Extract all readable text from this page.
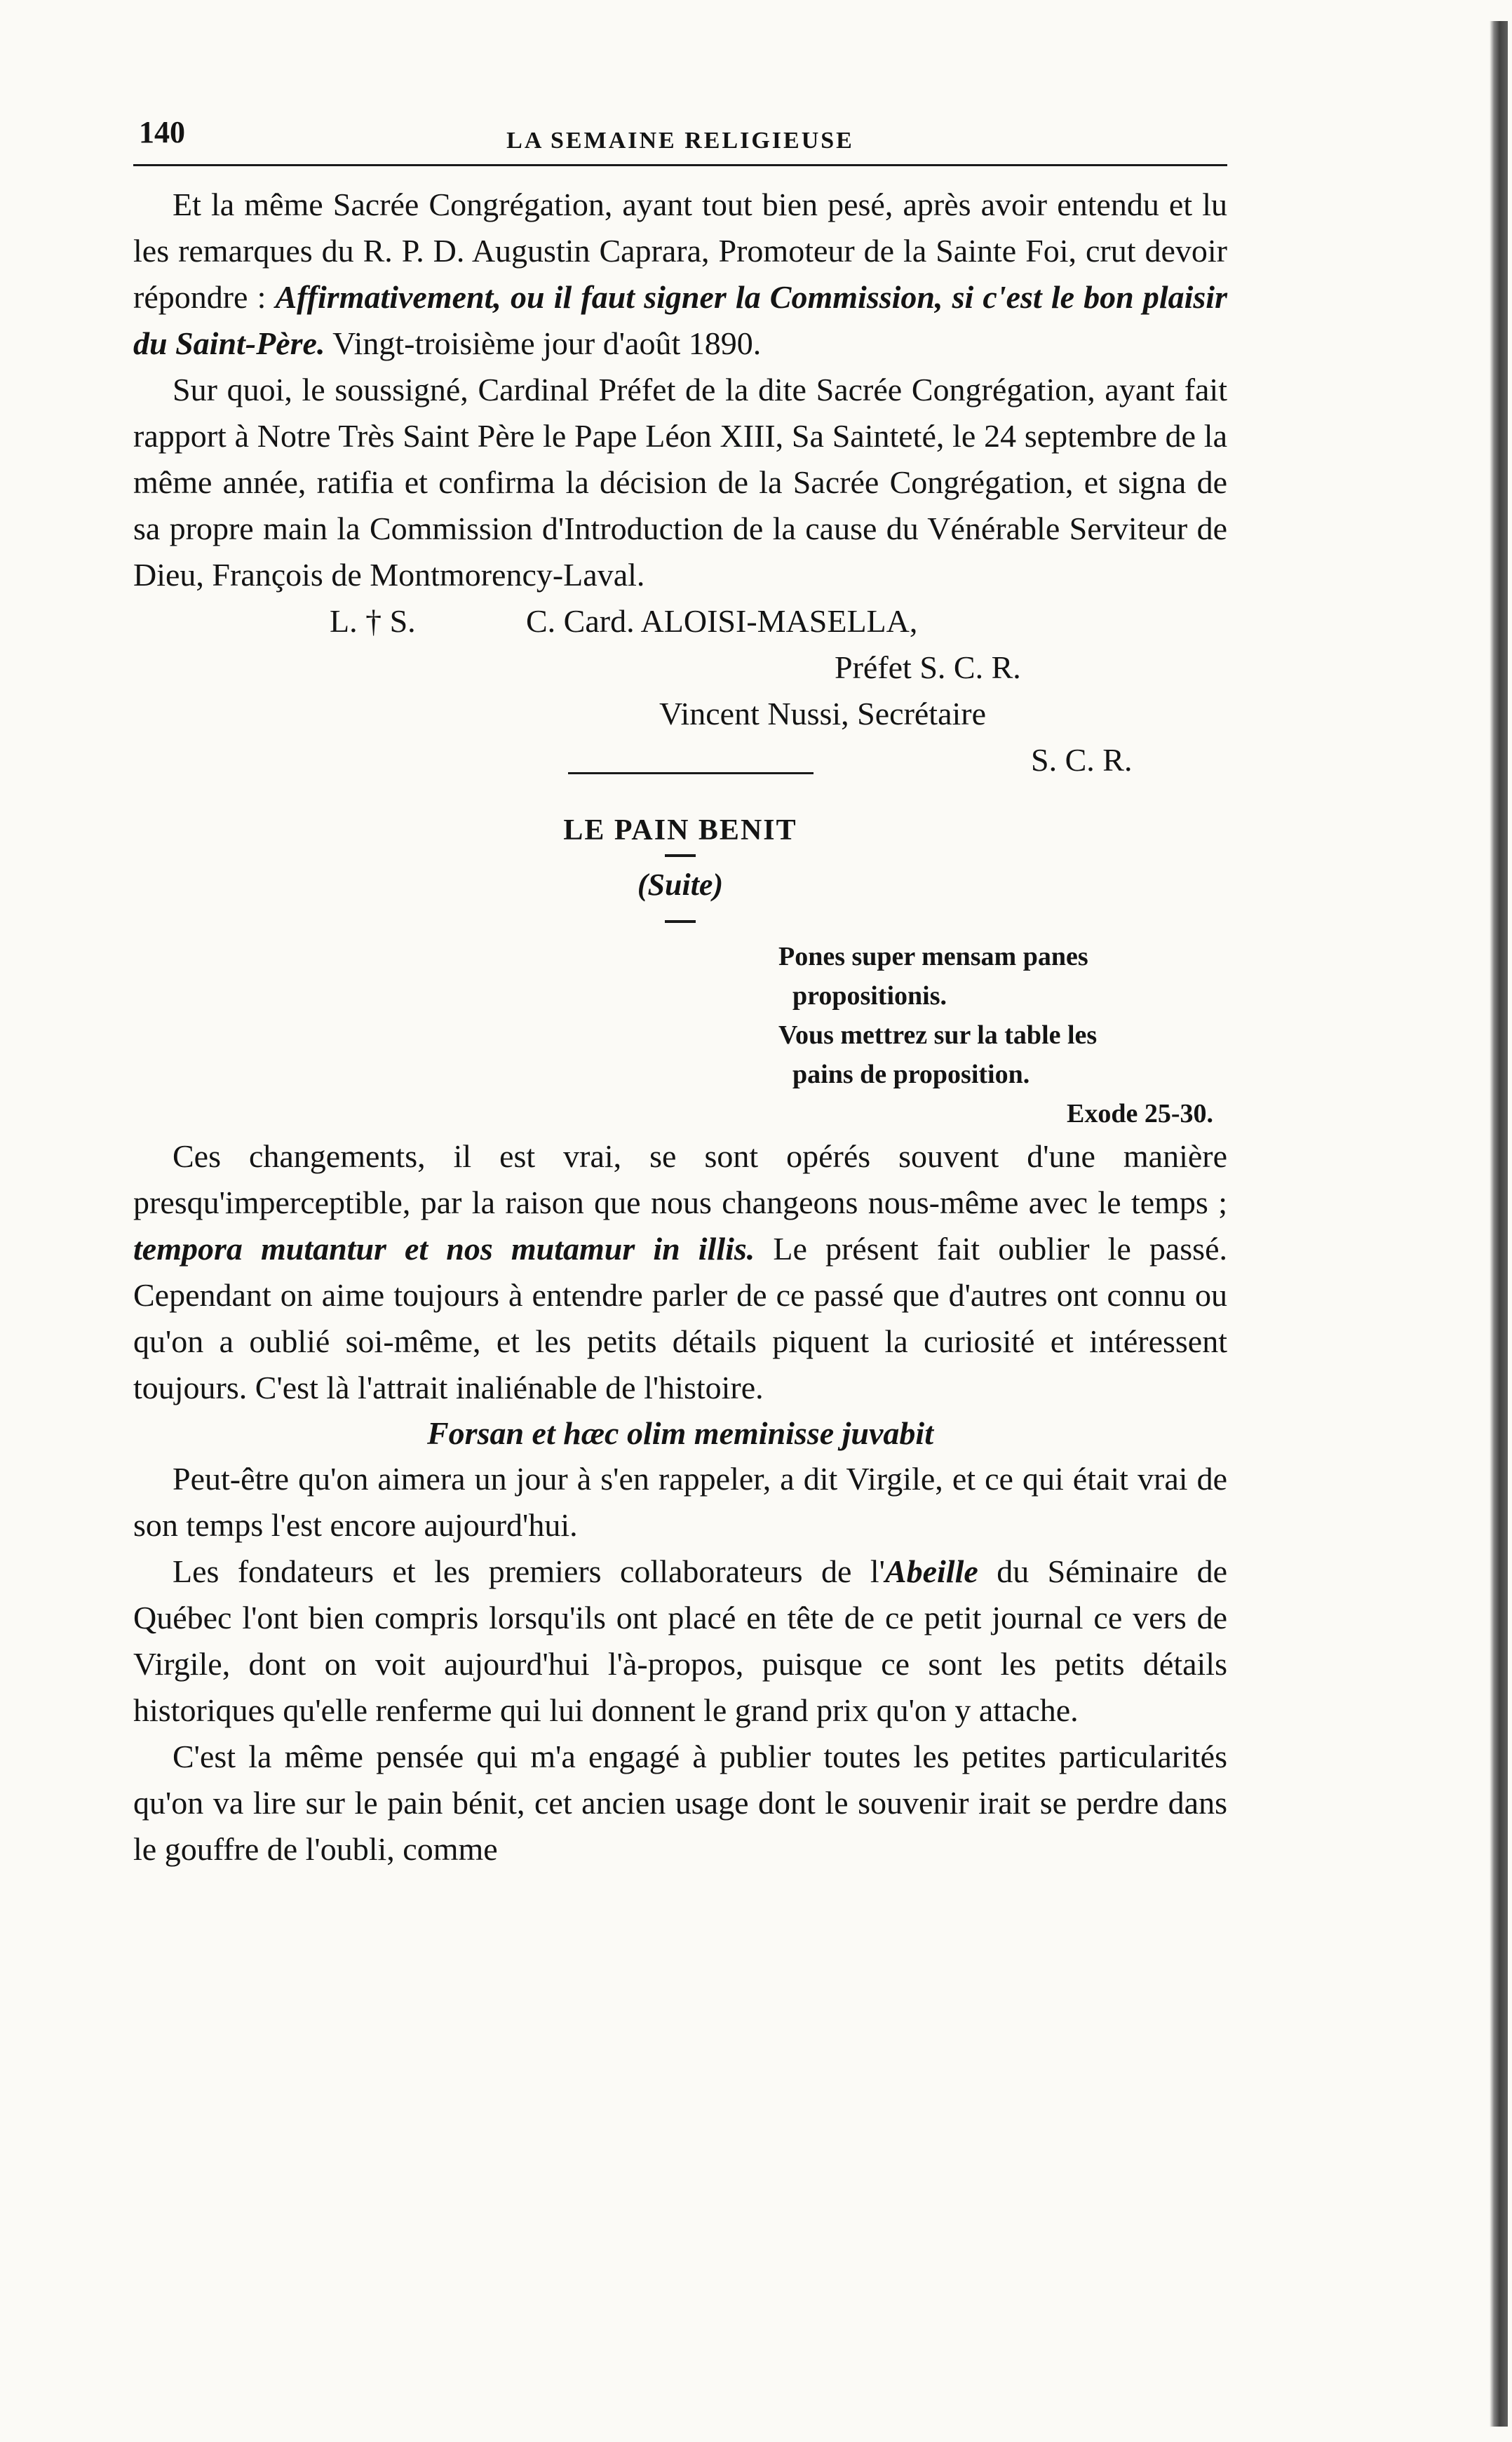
140	LA SEMAINE RELIGIEUSE

Et la même Sacrée Congrégation, ayant tout bien pesé, après avoir entendu et lu les remarques du R. P. D. Augustin Caprara, Promoteur de la Sainte Foi, crut devoir répondre : Affirmativement, ou il faut signer la Commission, si c'est le bon plaisir du Saint-Père. Vingt-troisième jour d'août 1890.

Sur quoi, le soussigné, Cardinal Préfet de la dite Sacrée Congrégation, ayant fait rapport à Notre Très Saint Père le Pape Léon XIII, Sa Sainteté, le 24 septembre de la même année, ratifia et confirma la décision de la Sacrée Congrégation, et signa de sa propre main la Commission d'Introduction de la cause du Vénérable Serviteur de Dieu, François de Montmorency-Laval.

L. † S.	C. Card. ALOISI-MASELLA,
Préfet S. C. R.
Vincent Nussi, Secrétaire
S. C. R.
LE PAIN BENIT
(Suite)
Pones super mensam panes
propositionis.
Vous mettrez sur la table les
pains de proposition.
Exode 25-30.

Ces changements, il est vrai, se sont opérés souvent d'une manière presqu'imperceptible, par la raison que nous changeons nous-même avec le temps ; tempora mutantur et nos mutamur in illis. Le présent fait oublier le passé. Cependant on aime toujours à entendre parler de ce passé que d'autres ont connu ou qu'on a oublié soi-même, et les petits détails piquent la curiosité et intéressent toujours. C'est là l'attrait inaliénable de l'histoire.

Forsan et hæc olim meminisse juvabit

Peut-être qu'on aimera un jour à s'en rappeler, a dit Virgile, et ce qui était vrai de son temps l'est encore aujourd'hui.

Les fondateurs et les premiers collaborateurs de l'Abeille du Séminaire de Québec l'ont bien compris lorsqu'ils ont placé en tête de ce petit journal ce vers de Virgile, dont on voit aujourd'hui l'à-propos, puisque ce sont les petits détails historiques qu'elle renferme qui lui donnent le grand prix qu'on y attache.

C'est la même pensée qui m'a engagé à publier toutes les petites particularités qu'on va lire sur le pain bénit, cet ancien usage dont le souvenir irait se perdre dans le gouffre de l'oubli, comme
